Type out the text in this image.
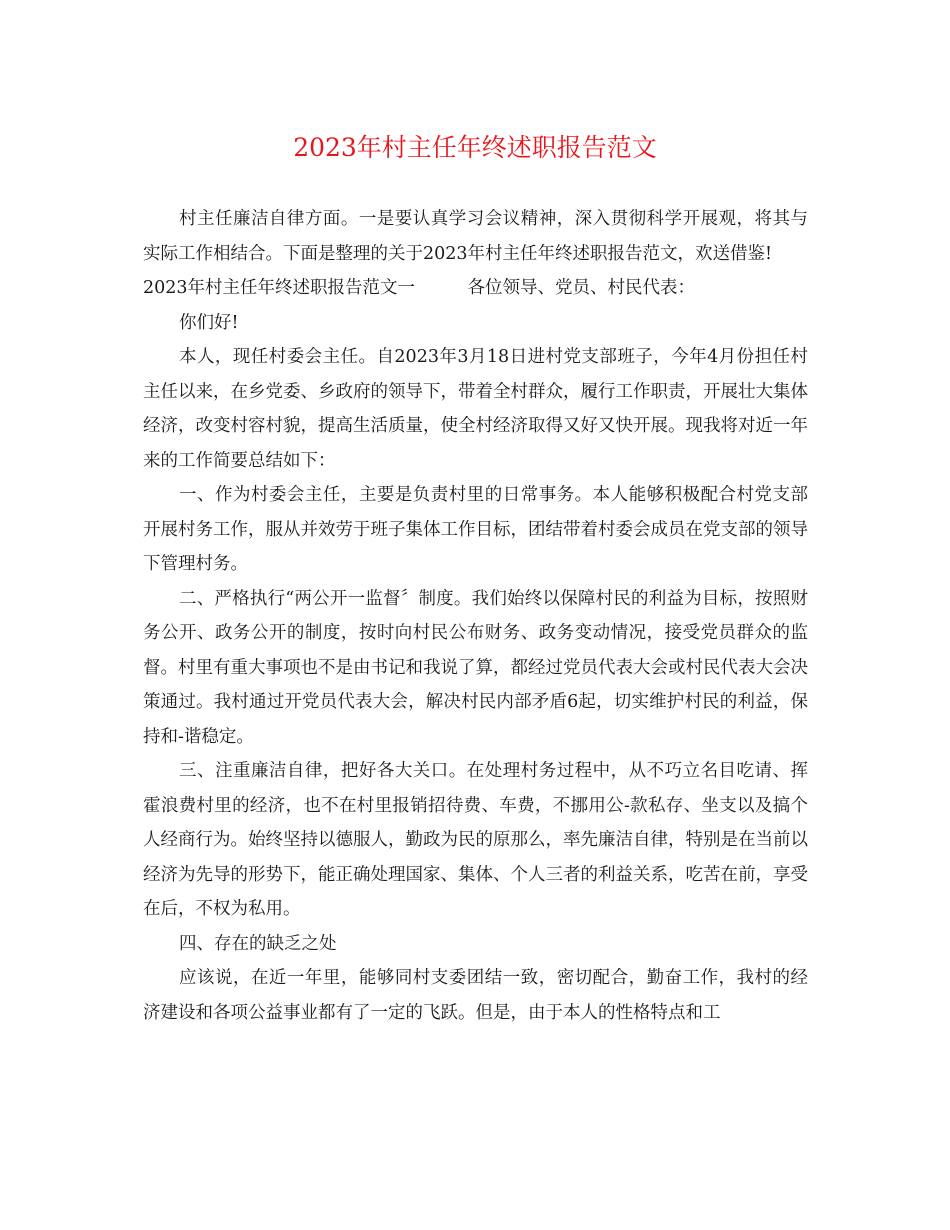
2023年村主任年终述职报告范文

村主任廉洁自律方面。一是要认真学习会议精神，深入贯彻科学开展观，将其与实际工作相结合。下面是整理的关于2023年村主任年终述职报告范文，欢送借鉴!

2023年村主任年终述职报告范文一　　　各位领导、党员、村民代表：

你们好!

本人，现任村委会主任。自2023年3月18日进村党支部班子，今年4月份担任村主任以来，在乡党委、乡政府的领导下，带着全村群众，履行工作职责，开展壮大集体经济，改变村容村貌，提高生活质量，使全村经济取得又好又快开展。现我将对近一年来的工作简要总结如下：

一、作为村委会主任，主要是负责村里的日常事务。本人能够积极配合村党支部开展村务工作，服从并效劳于班子集体工作目标，团结带着村委会成员在党支部的领导下管理村务。

二、严格执行“两公开一监督〞制度。我们始终以保障村民的利益为目标，按照财务公开、政务公开的制度，按时向村民公布财务、政务变动情况，接受党员群众的监督。村里有重大事项也不是由书记和我说了算，都经过党员代表大会或村民代表大会决策通过。我村通过开党员代表大会，解决村民内部矛盾6起，切实维护村民的利益，保持和-谐稳定。

三、注重廉洁自律，把好各大关口。在处理村务过程中，从不巧立名目吃请、挥霍浪费村里的经济，也不在村里报销招待费、车费，不挪用公-款私存、坐支以及搞个人经商行为。始终坚持以德服人，勤政为民的原那么，率先廉洁自律，特别是在当前以经济为先导的形势下，能正确处理国家、集体、个人三者的利益关系，吃苦在前，享受在后，不权为私用。

四、存在的缺乏之处

应该说，在近一年里，能够同村支委团结一致，密切配合，勤奋工作，我村的经济建设和各项公益事业都有了一定的飞跃。但是，由于本人的性格特点和工
